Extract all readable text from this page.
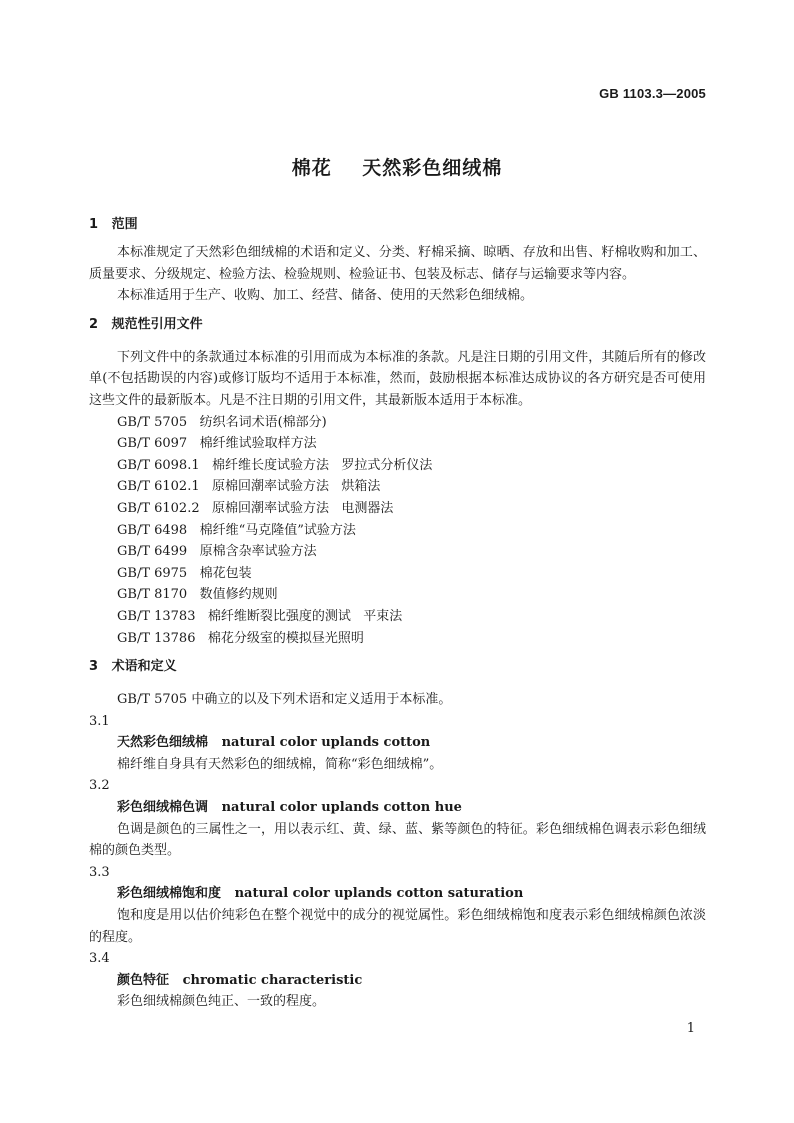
GB 1103.3—2005
棉花    天然彩色细绒棉

1   范围

本标准规定了天然彩色细绒棉的术语和定义、分类、籽棉采摘、晾晒、存放和出售、籽棉收购和加工、质量要求、分级规定、检验方法、检验规则、检验证书、包装及标志、储存与运输要求等内容。

本标准适用于生产、收购、加工、经营、储备、使用的天然彩色细绒棉。

2   规范性引用文件

下列文件中的条款通过本标准的引用而成为本标准的条款。凡是注日期的引用文件，其随后所有的修改单(不包括勘误的内容)或修订版均不适用于本标准，然而，鼓励根据本标准达成协议的各方研究是否可使用这些文件的最新版本。凡是不注日期的引用文件，其最新版本适用于本标准。

GB/T 5705   纺织名词术语(棉部分)
GB/T 6097   棉纤维试验取样方法
GB/T 6098.1   棉纤维长度试验方法   罗拉式分析仪法
GB/T 6102.1   原棉回潮率试验方法   烘箱法
GB/T 6102.2   原棉回潮率试验方法   电测器法
GB/T 6498   棉纤维“马克隆值”试验方法
GB/T 6499   原棉含杂率试验方法
GB/T 6975   棉花包装
GB/T 8170   数值修约规则
GB/T 13783   棉纤维断裂比强度的测试   平束法
GB/T 13786   棉花分级室的模拟昼光照明

3   术语和定义

GB/T 5705 中确立的以及下列术语和定义适用于本标准。

3.1

天然彩色细绒棉 natural color uplands cotton

棉纤维自身具有天然彩色的细绒棉，简称“彩色细绒棉”。

3.2

彩色细绒棉色调 natural color uplands cotton hue

色调是颜色的三属性之一，用以表示红、黄、绿、蓝、紫等颜色的特征。彩色细绒棉色调表示彩色细绒棉的颜色类型。

3.3

彩色细绒棉饱和度 natural color uplands cotton saturation

饱和度是用以估价纯彩色在整个视觉中的成分的视觉属性。彩色细绒棉饱和度表示彩色细绒棉颜色浓淡的程度。

3.4

颜色特征 chromatic characteristic

彩色细绒棉颜色纯正、一致的程度。

1
